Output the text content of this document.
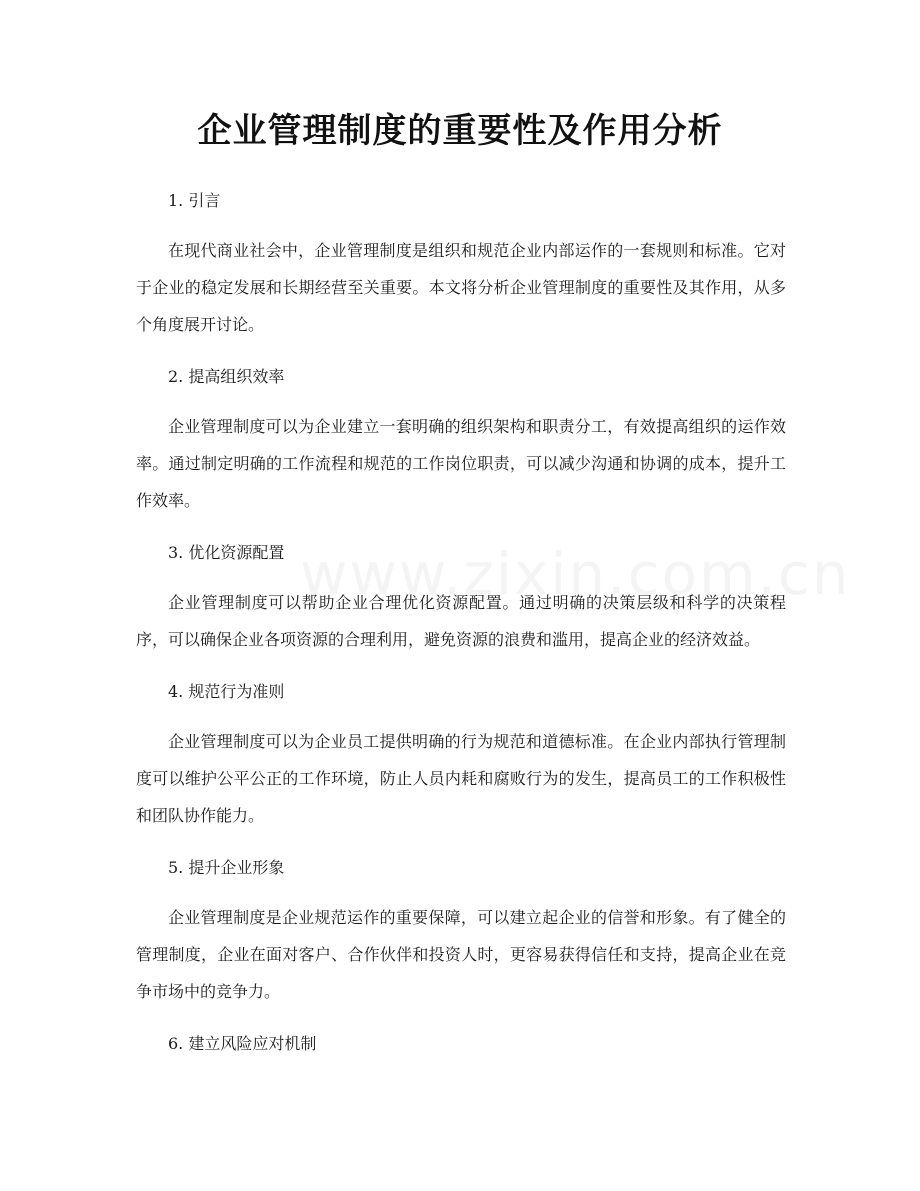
企业管理制度的重要性及作用分析

1. 引言

在现代商业社会中，企业管理制度是组织和规范企业内部运作的一套规则和标准。它对于企业的稳定发展和长期经营至关重要。本文将分析企业管理制度的重要性及其作用，从多个角度展开讨论。

2. 提高组织效率

企业管理制度可以为企业建立一套明确的组织架构和职责分工，有效提高组织的运作效率。通过制定明确的工作流程和规范的工作岗位职责，可以减少沟通和协调的成本，提升工作效率。

3. 优化资源配置

企业管理制度可以帮助企业合理优化资源配置。通过明确的决策层级和科学的决策程序，可以确保企业各项资源的合理利用，避免资源的浪费和滥用，提高企业的经济效益。

4. 规范行为准则

企业管理制度可以为企业员工提供明确的行为规范和道德标准。在企业内部执行管理制度可以维护公平公正的工作环境，防止人员内耗和腐败行为的发生，提高员工的工作积极性和团队协作能力。

5. 提升企业形象

企业管理制度是企业规范运作的重要保障，可以建立起企业的信誉和形象。有了健全的管理制度，企业在面对客户、合作伙伴和投资人时，更容易获得信任和支持，提高企业在竞争市场中的竞争力。

6. 建立风险应对机制
